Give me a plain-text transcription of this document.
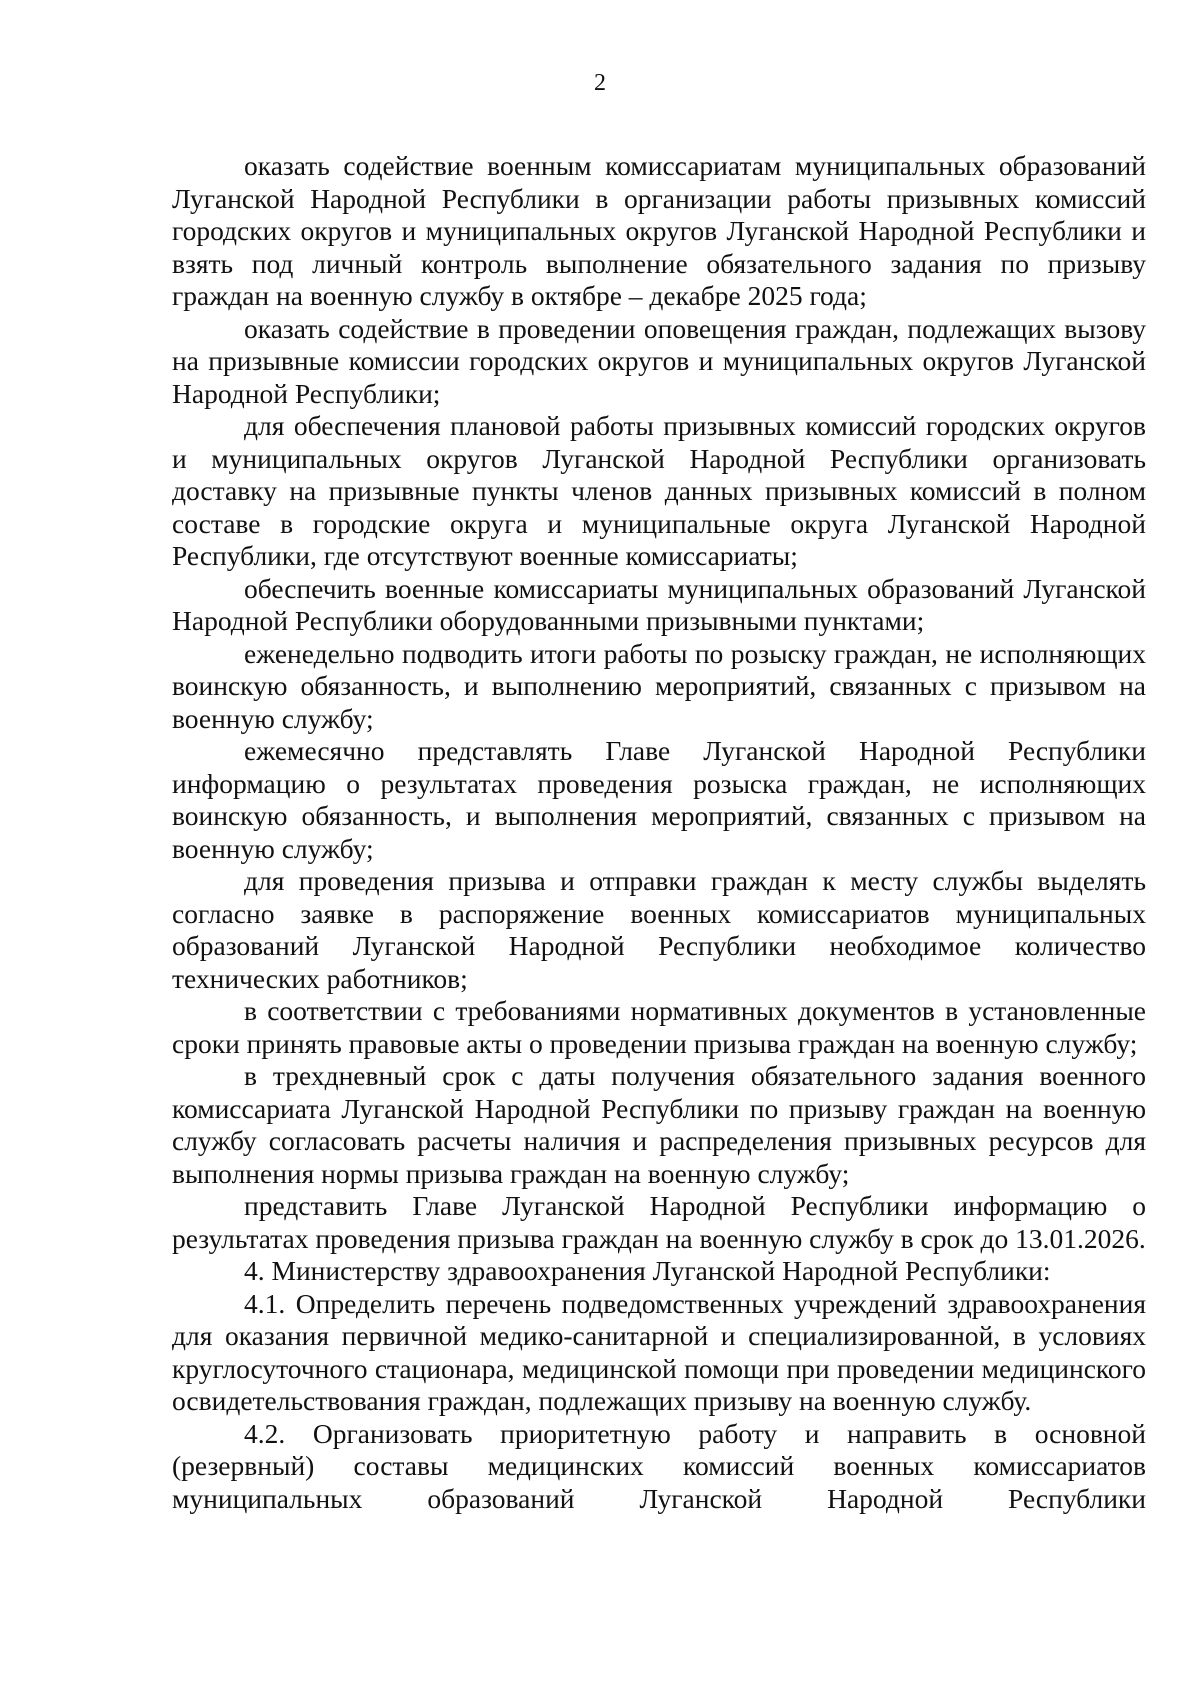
2

оказать содействие военным комиссариатам муниципальных образований Луганской Народной Республики в организации работы призывных комиссий городских округов и муниципальных округов Луганской Народной Республики и взять под личный контроль выполнение обязательного задания по призыву граждан на военную службу в октябре – декабре 2025 года;

оказать содействие в проведении оповещения граждан, подлежащих вызову на призывные комиссии городских округов и муниципальных округов Луганской Народной Республики;

для обеспечения плановой работы призывных комиссий городских округов и муниципальных округов Луганской Народной Республики организовать доставку на призывные пункты членов данных призывных комиссий в полном составе в городские округа и муниципальные округа Луганской Народной Республики, где отсутствуют военные комиссариаты;

обеспечить военные комиссариаты муниципальных образований Луганской Народной Республики оборудованными призывными пунктами;

еженедельно подводить итоги работы по розыску граждан, не исполняющих воинскую обязанность, и выполнению мероприятий, связанных с призывом на военную службу;

ежемесячно представлять Главе Луганской Народной Республики информацию о результатах проведения розыска граждан, не исполняющих воинскую обязанность, и выполнения мероприятий, связанных с призывом на военную службу;

для проведения призыва и отправки граждан к месту службы выделять согласно заявке в распоряжение военных комиссариатов муниципальных образований Луганской Народной Республики необходимое количество технических работников;

в соответствии с требованиями нормативных документов в установленные сроки принять правовые акты о проведении призыва граждан на военную службу;

в трехдневный срок с даты получения обязательного задания военного комиссариата Луганской Народной Республики по призыву граждан на военную службу согласовать расчеты наличия и распределения призывных ресурсов для выполнения нормы призыва граждан на военную службу;

представить Главе Луганской Народной Республики информацию о результатах проведения призыва граждан на военную службу в срок до 13.01.2026.

4. Министерству здравоохранения Луганской Народной Республики:

4.1. Определить перечень подведомственных учреждений здравоохранения для оказания первичной медико-санитарной и специализированной, в условиях круглосуточного стационара, медицинской помощи при проведении медицинского освидетельствования граждан, подлежащих призыву на военную службу.

4.2. Организовать приоритетную работу и направить в основной (резервный) составы медицинских комиссий военных комиссариатов муниципальных образований Луганской Народной Республики
